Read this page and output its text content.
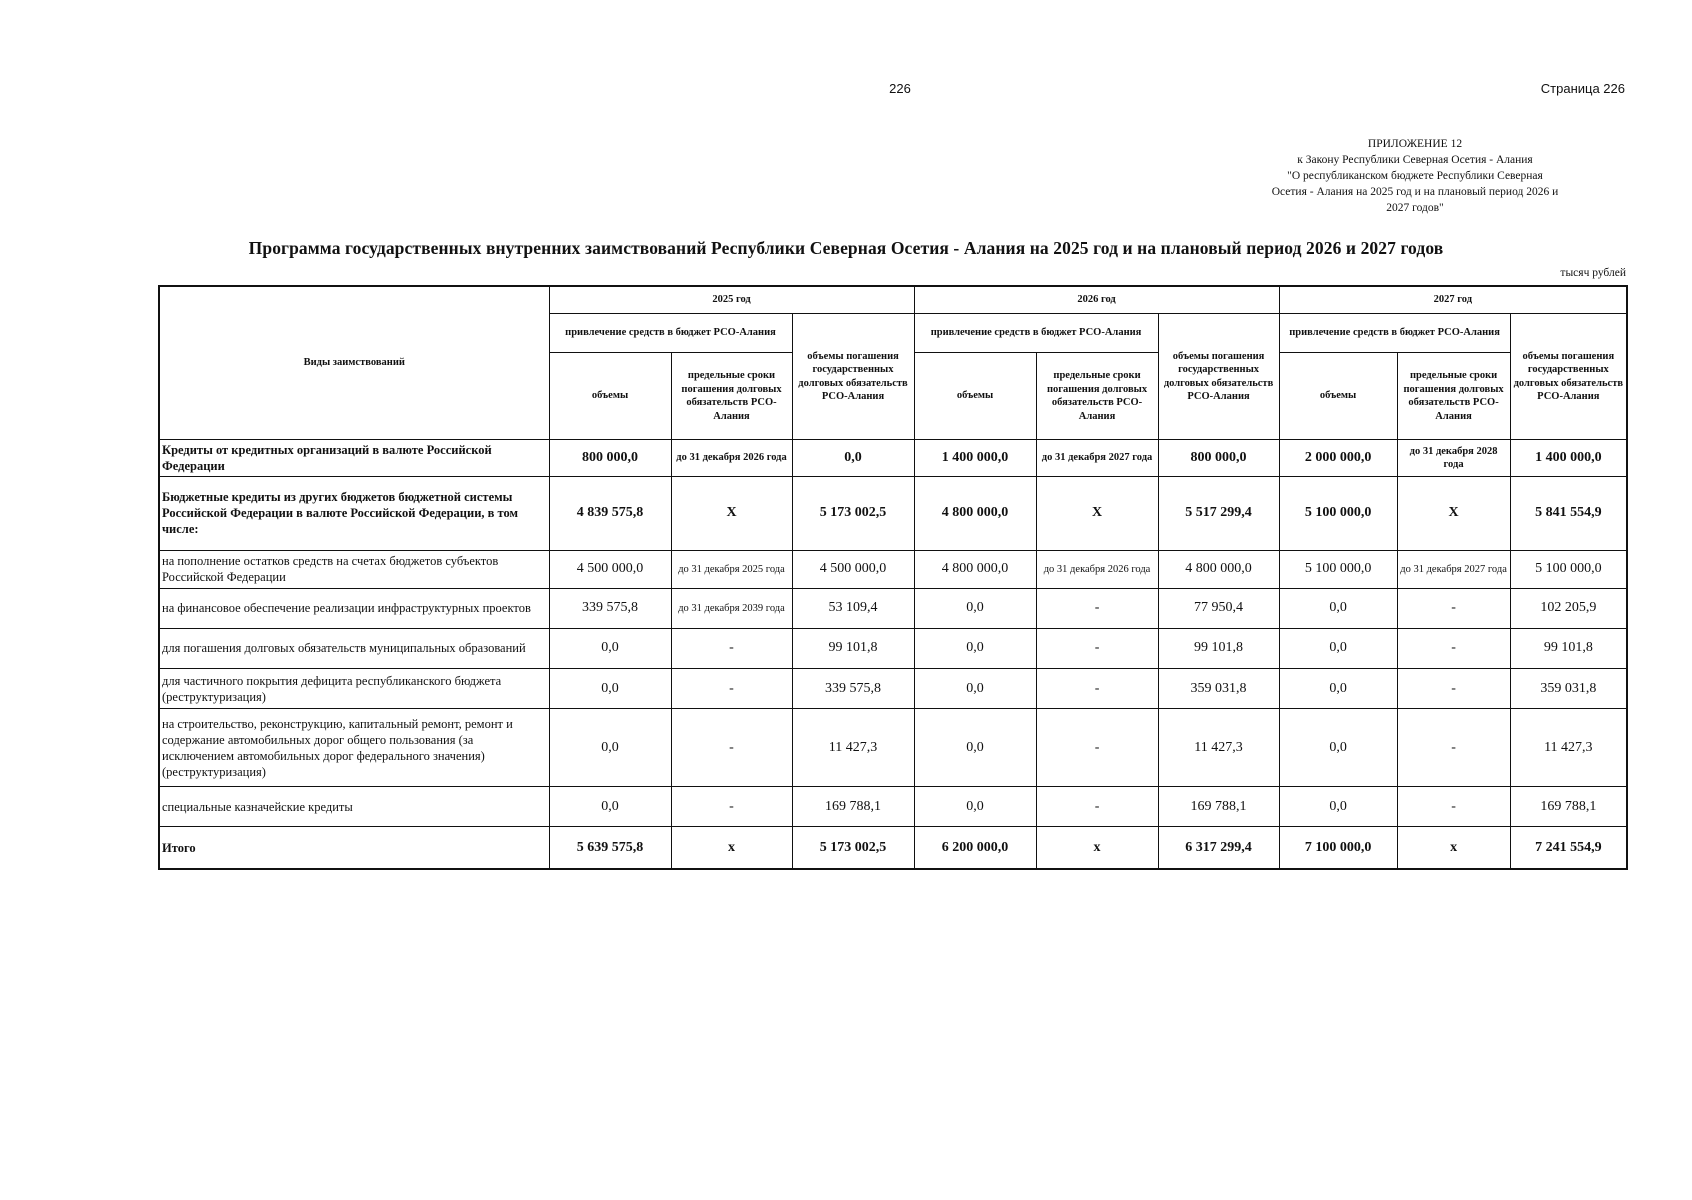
226	Страница 226
ПРИЛОЖЕНИЕ 12
к Закону Республики Северная Осетия - Алания
"О республиканском бюджете Республики Северная
Осетия - Алания на 2025 год и на плановый период 2026 и
2027 годов"
Программа государственных внутренних заимствований Республики Северная Осетия - Алания на 2025 год и на плановый период 2026 и 2027 годов
тысяч рублей
Виды заимствований	2025 год			2026 год			2027 год		
	привлечение средств в бюджет РСО-Алания		объемы погашения государственных долговых обязательств РСО-Алания	привлечение средств в бюджет РСО-Алания		объемы погашения государственных долговых обязательств РСО-Алания	привлечение средств в бюджет РСО-Алания		объемы погашения государственных долговых обязательств РСО-Алания
	объемы	предельные сроки погашения долговых обязательств РСО-Алания		объемы	предельные сроки погашения долговых обязательств РСО-Алания		объемы	предельные сроки погашения долговых обязательств РСО-Алания	
Кредиты от кредитных организаций в валюте Российской Федерации	800 000,0	до 31 декабря 2026 года	0,0	1 400 000,0	до 31 декабря 2027 года	800 000,0	2 000 000,0	до 31 декабря 2028 года	1 400 000,0
Бюджетные кредиты из других бюджетов бюджетной системы Российской Федерации в валюте Российской Федерации, в том числе:	4 839 575,8	X	5 173 002,5	4 800 000,0	X	5 517 299,4	5 100 000,0	X	5 841 554,9
на пополнение остатков средств на счетах бюджетов субъектов Российской Федерации	4 500 000,0	до 31 декабря 2025 года	4 500 000,0	4 800 000,0	до 31 декабря 2026 года	4 800 000,0	5 100 000,0	до 31 декабря 2027 года	5 100 000,0
на финансовое обеспечение реализации инфраструктурных проектов	339 575,8	до 31 декабря 2039 года	53 109,4	0,0	-	77 950,4	0,0	-	102 205,9
для погашения долговых обязательств муниципальных образований	0,0	-	99 101,8	0,0	-	99 101,8	0,0	-	99 101,8
для частичного покрытия дефицита республиканского бюджета (реструктуризация)	0,0	-	339 575,8	0,0	-	359 031,8	0,0	-	359 031,8
на строительство, реконструкцию, капитальный ремонт, ремонт и содержание автомобильных дорог общего пользования (за исключением автомобильных дорог федерального значения) (реструктуризация)	0,0	-	11 427,3	0,0	-	11 427,3	0,0	-	11 427,3
специальные казначейские кредиты	0,0	-	169 788,1	0,0	-	169 788,1	0,0	-	169 788,1
Итого	5 639 575,8	x	5 173 002,5	6 200 000,0	x	6 317 299,4	7 100 000,0	x	7 241 554,9
